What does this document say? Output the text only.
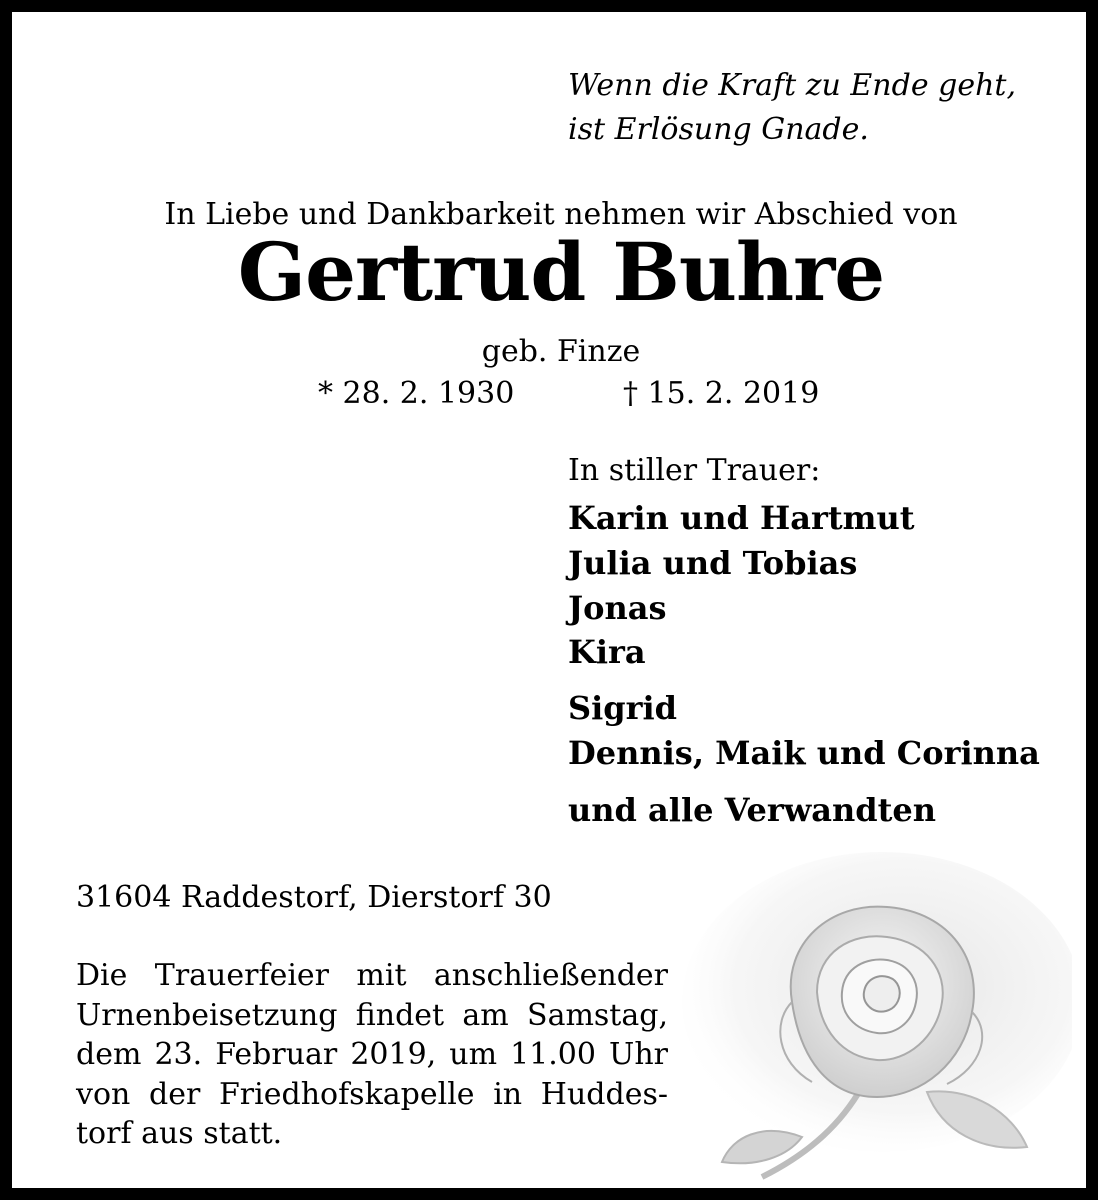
Wenn die Kraft zu Ende geht,
ist Erlösung Gnade.
In Liebe und Dankbarkeit nehmen wir Abschied von
Gertrud Buhre
geb. Finze
* 28. 2. 1930	† 15. 2. 2019
In stiller Trauer:
Karin und Hartmut
Julia und Tobias
Jonas
Kira
Sigrid
Dennis, Maik und Corinna
und alle Verwandten
31604 Raddestorf, Dierstorf 30
Die Trauerfeier mit anschließender Urnenbeisetzung findet am Samstag, dem 23. Februar 2019, um 11.00 Uhr von der Friedhofskapelle in Huddestorf aus statt.
